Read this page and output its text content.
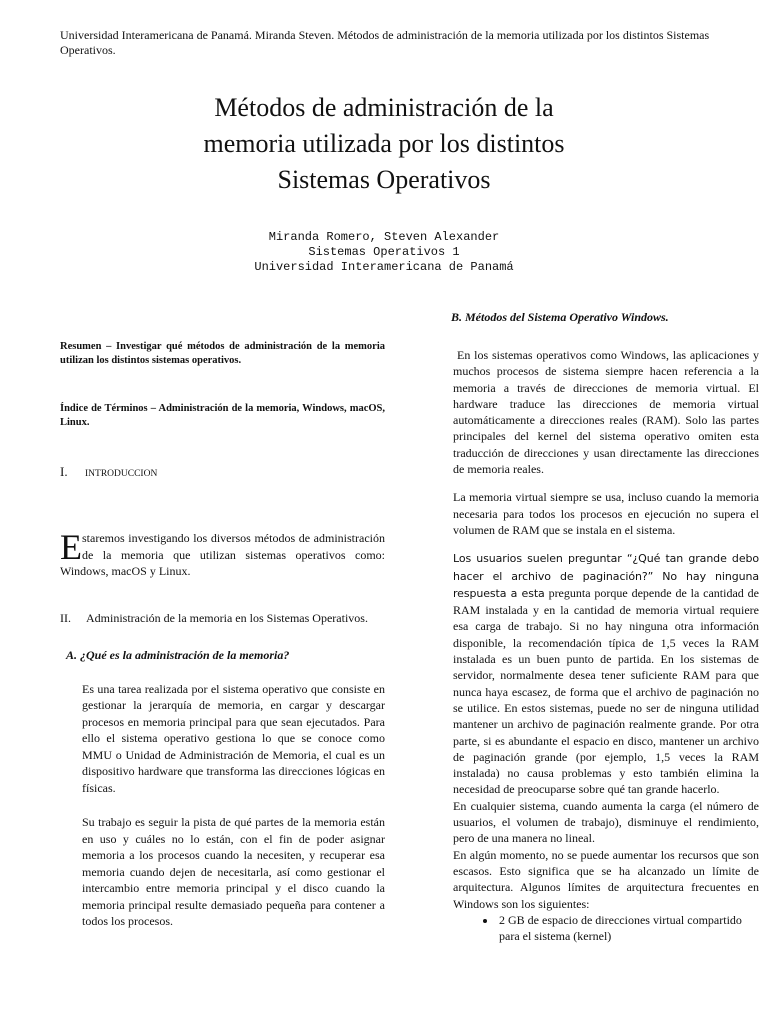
Universidad Interamericana de Panamá. Miranda Steven. Métodos de administración de la memoria utilizada por los distintos Sistemas Operativos.
Métodos de administración de la
memoria utilizada por los distintos
Sistemas Operativos
Miranda Romero, Steven Alexander
Sistemas Operativos 1
Universidad Interamericana de Panamá
Resumen – Investigar qué métodos de administración de la memoria utilizan los distintos sistemas operativos.
Índice de Términos – Administración de la memoria, Windows, macOS, Linux.
I. INTRODUCCION
Estaremos investigando los diversos métodos de administración de la memoria que utilizan sistemas operativos como: Windows, macOS y Linux.
II. Administración de la memoria en los Sistemas Operativos.
A. ¿Qué es la administración de la memoria?
Es una tarea realizada por el sistema operativo que consiste en gestionar la jerarquía de memoria, en cargar y descargar procesos en memoria principal para que sean ejecutados. Para ello el sistema operativo gestiona lo que se conoce como MMU o Unidad de Administración de Memoria, el cual es un dispositivo hardware que transforma las direcciones lógicas en físicas.
Su trabajo es seguir la pista de qué partes de la memoria están en uso y cuáles no lo están, con el fin de poder asignar memoria a los procesos cuando la necesiten, y recuperar esa memoria cuando dejen de necesitarla, así como gestionar el intercambio entre memoria principal y el disco cuando la memoria principal resulte demasiado pequeña para contener a todos los procesos.
B. Métodos del Sistema Operativo Windows.
En los sistemas operativos como Windows, las aplicaciones y muchos procesos de sistema siempre hacen referencia a la memoria a través de direcciones de memoria virtual. El hardware traduce las direcciones de memoria virtual automáticamente a direcciones reales (RAM). Solo las partes principales del kernel del sistema operativo omiten esta traducción de direcciones y usan directamente las direcciones de memoria reales.
La memoria virtual siempre se usa, incluso cuando la memoria necesaria para todos los procesos en ejecución no supera el volumen de RAM que se instala en el sistema.
Los usuarios suelen preguntar “¿Qué tan grande debo hacer el archivo de paginación?” No hay ninguna respuesta a esta pregunta porque depende de la cantidad de RAM instalada y en la cantidad de memoria virtual requiere esa carga de trabajo. Si no hay ninguna otra información disponible, la recomendación típica de 1,5 veces la RAM instalada es un buen punto de partida. En los sistemas de servidor, normalmente desea tener suficiente RAM para que nunca haya escasez, de forma que el archivo de paginación no se utilice. En estos sistemas, puede no ser de ninguna utilidad mantener un archivo de paginación realmente grande. Por otra parte, si es abundante el espacio en disco, mantener un archivo de paginación grande (por ejemplo, 1,5 veces la RAM instalada) no causa problemas y esto también elimina la necesidad de preocuparse sobre qué tan grande hacerlo.
En cualquier sistema, cuando aumenta la carga (el número de usuarios, el volumen de trabajo), disminuye el rendimiento, pero de una manera no lineal.
En algún momento, no se puede aumentar los recursos que son escasos. Esto significa que se ha alcanzado un límite de arquitectura. Algunos límites de arquitectura frecuentes en Windows son los siguientes:
• 2 GB de espacio de direcciones virtual compartido para el sistema (kernel)
